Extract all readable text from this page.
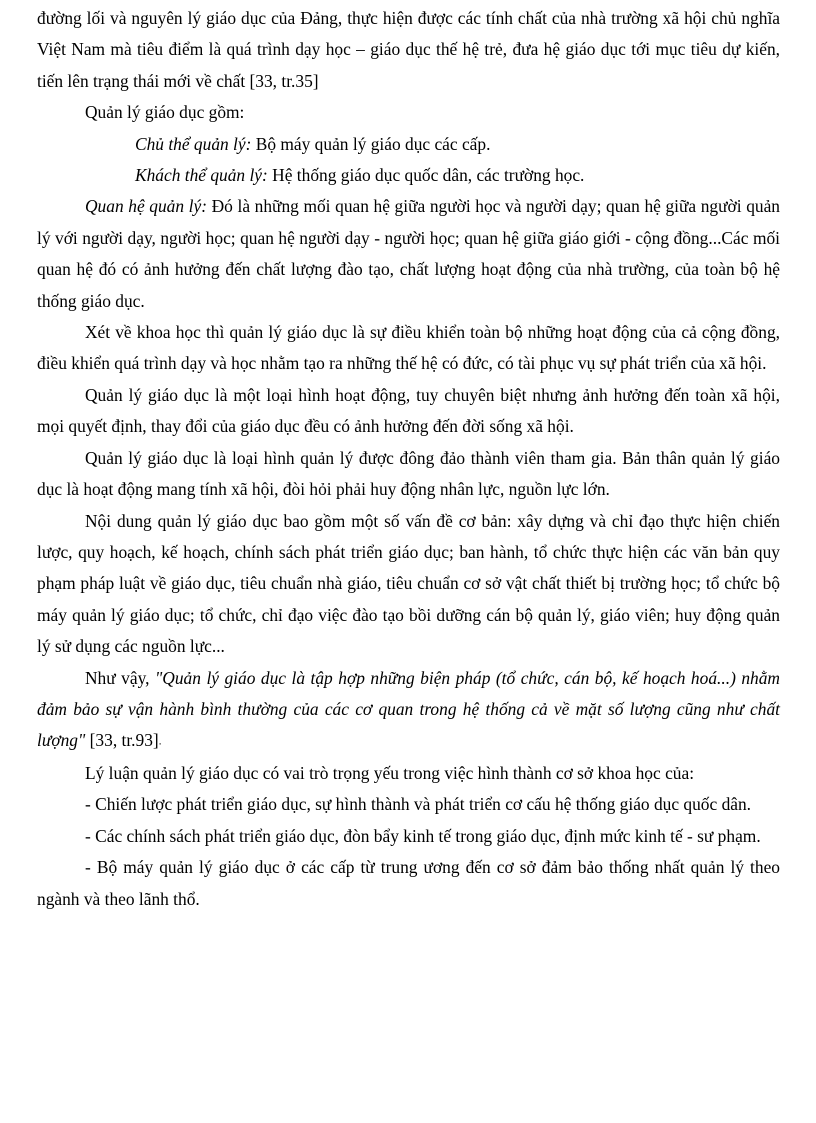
đường lối và nguyên lý giáo dục của Đảng, thực hiện được các tính chất của nhà trường xã hội chủ nghĩa Việt Nam mà tiêu điểm là quá trình dạy học – giáo dục thế hệ trẻ, đưa hệ giáo dục tới mục tiêu dự kiến, tiến lên trạng thái mới về chất [33, tr.35]

Quản lý giáo dục gồm:

Chủ thể quản lý: Bộ máy quản lý giáo dục các cấp.

Khách thể quản lý: Hệ thống giáo dục quốc dân, các trường học.

Quan hệ quản lý: Đó là những mối quan hệ giữa người học và người dạy; quan hệ giữa người quản lý với người dạy, người học; quan hệ người dạy - người học; quan hệ giữa giáo giới - cộng đồng...Các mối quan hệ đó có ảnh hưởng đến chất lượng đào tạo, chất lượng hoạt động của nhà trường, của toàn bộ hệ thống giáo dục.

Xét về khoa học thì quản lý giáo dục là sự điều khiển toàn bộ những hoạt động của cả cộng đồng, điều khiển quá trình dạy và học nhằm tạo ra những thế hệ có đức, có tài phục vụ sự phát triển của xã hội.

Quản lý giáo dục là một loại hình hoạt động, tuy chuyên biệt nhưng ảnh hưởng đến toàn xã hội, mọi quyết định, thay đổi của giáo dục đều có ảnh hưởng đến đời sống xã hội.

Quản lý giáo dục là loại hình quản lý được đông đảo thành viên tham gia. Bản thân quản lý giáo dục là hoạt động mang tính xã hội, đòi hỏi phải huy động nhân lực, nguồn lực lớn.

Nội dung quản lý giáo dục bao gồm một số vấn đề cơ bản: xây dựng và chỉ đạo thực hiện chiến lược, quy hoạch, kế hoạch, chính sách phát triển giáo dục; ban hành, tổ chức thực hiện các văn bản quy phạm pháp luật về giáo dục, tiêu chuẩn nhà giáo, tiêu chuẩn cơ sở vật chất thiết bị trường học; tổ chức bộ máy quản lý giáo dục; tổ chức, chỉ đạo việc đào tạo bồi dưỡng cán bộ quản lý, giáo viên; huy động quản lý sử dụng các nguồn lực...

Như vậy, "Quản lý giáo dục là tập hợp những biện pháp (tổ chức, cán bộ, kế hoạch hoá...) nhằm đảm bảo sự vận hành bình thường của các cơ quan trong hệ thống cả về mặt số lượng cũng như chất lượng" [33, tr.93].

Lý luận quản lý giáo dục có vai trò trọng yếu trong việc hình thành cơ sở khoa học của:

- Chiến lược phát triển giáo dục, sự hình thành và phát triển cơ cấu hệ thống giáo dục quốc dân.

- Các chính sách phát triển giáo dục, đòn bẩy kinh tế trong giáo dục, định mức kinh tế - sư phạm.

- Bộ máy quản lý giáo dục ở các cấp từ trung ương đến cơ sở đảm bảo thống nhất quản lý theo ngành và theo lãnh thổ.
